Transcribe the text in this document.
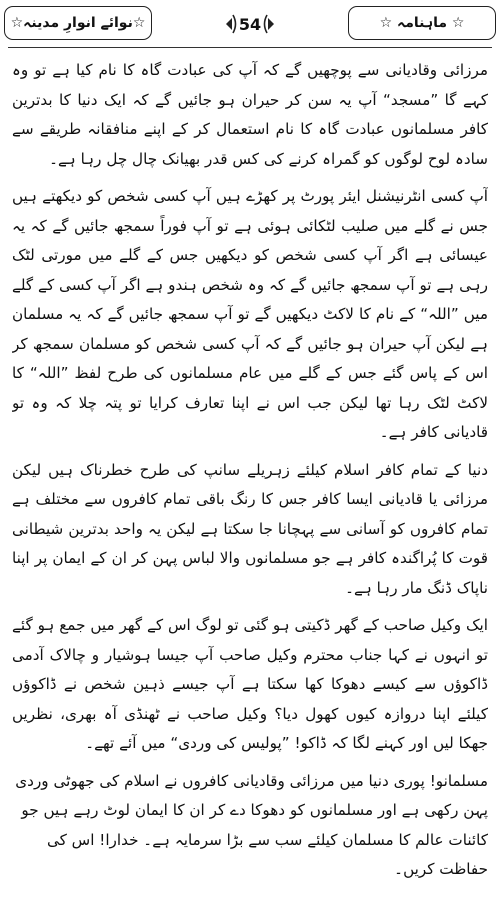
☆ ماہنامہ ☆
54
☆نوائے انوارِ مدینہ☆

مرزائی وقادیانی سے پوچھیں گے کہ آپ کی عبادت گاہ کا نام کیا ہے تو وہ کہے گا ”مسجد“ آپ یہ سن کر حیران ہو جائیں گے کہ ایک دنیا کا بدترین کافر مسلمانوں عبادت گاہ کا نام استعمال کر کے اپنے منافقانہ طریقے سے سادہ لوح لوگوں کو گمراہ کرنے کی کس قدر بھیانک چال چل رہا ہے۔

آپ کسی انٹرنیشنل ایئر پورٹ پر کھڑے ہیں آپ کسی شخص کو دیکھتے ہیں جس نے گلے میں صلیب لٹکائی ہوئی ہے تو آپ فوراً سمجھ جائیں گے کہ یہ عیسائی ہے اگر آپ کسی شخص کو دیکھیں جس کے گلے میں مورتی لٹک رہی ہے تو آپ سمجھ جائیں گے کہ وہ شخص ہندو ہے اگر آپ کسی کے گلے میں ”اللہ“ کے نام کا لاکٹ دیکھیں گے تو آپ سمجھ جائیں گے کہ یہ مسلمان ہے لیکن آپ حیران ہو جائیں گے کہ آپ کسی شخص کو مسلمان سمجھ کر اس کے پاس گئے جس کے گلے میں عام مسلمانوں کی طرح لفظ ”اللہ“ کا لاکٹ لٹک رہا تھا لیکن جب اس نے اپنا تعارف کرایا تو پتہ چلا کہ وہ تو قادیانی کافر ہے۔

دنیا کے تمام کافر اسلام کیلئے زہریلے سانپ کی طرح خطرناک ہیں لیکن مرزائی یا قادیانی ایسا کافر جس کا رنگ باقی تمام کافروں سے مختلف ہے تمام کافروں کو آسانی سے پہچانا جا سکتا ہے لیکن یہ واحد بدترین شیطانی قوت کا پُراگندہ کافر ہے جو مسلمانوں والا لباس پہن کر ان کے ایمان پر اپنا ناپاک ڈنگ مار رہا ہے۔

ایک وکیل صاحب کے گھر ڈکیتی ہو گئی تو لوگ اس کے گھر میں جمع ہو گئے تو انہوں نے کہا جناب محترم وکیل صاحب آپ جیسا ہوشیار و چالاک آدمی ڈاکوؤں سے کیسے دھوکا کھا سکتا ہے آپ جیسے ذہین شخص نے ڈاکوؤں کیلئے اپنا دروازہ کیوں کھول دیا؟ وکیل صاحب نے ٹھنڈی آہ بھری، نظریں جھکا لیں اور کہنے لگا کہ ڈاکو! ”پولیس کی وردی“ میں آئے تھے۔

مسلمانو! پوری دنیا میں مرزائی وقادیانی کافروں نے اسلام کی جھوٹی وردی پہن رکھی ہے اور مسلمانوں کو دھوکا دے کر ان کا ایمان لوٹ رہے ہیں جو کائنات عالم کا مسلمان کیلئے سب سے بڑا سرمایہ ہے۔ خدارا! اس کی حفاظت کریں۔
